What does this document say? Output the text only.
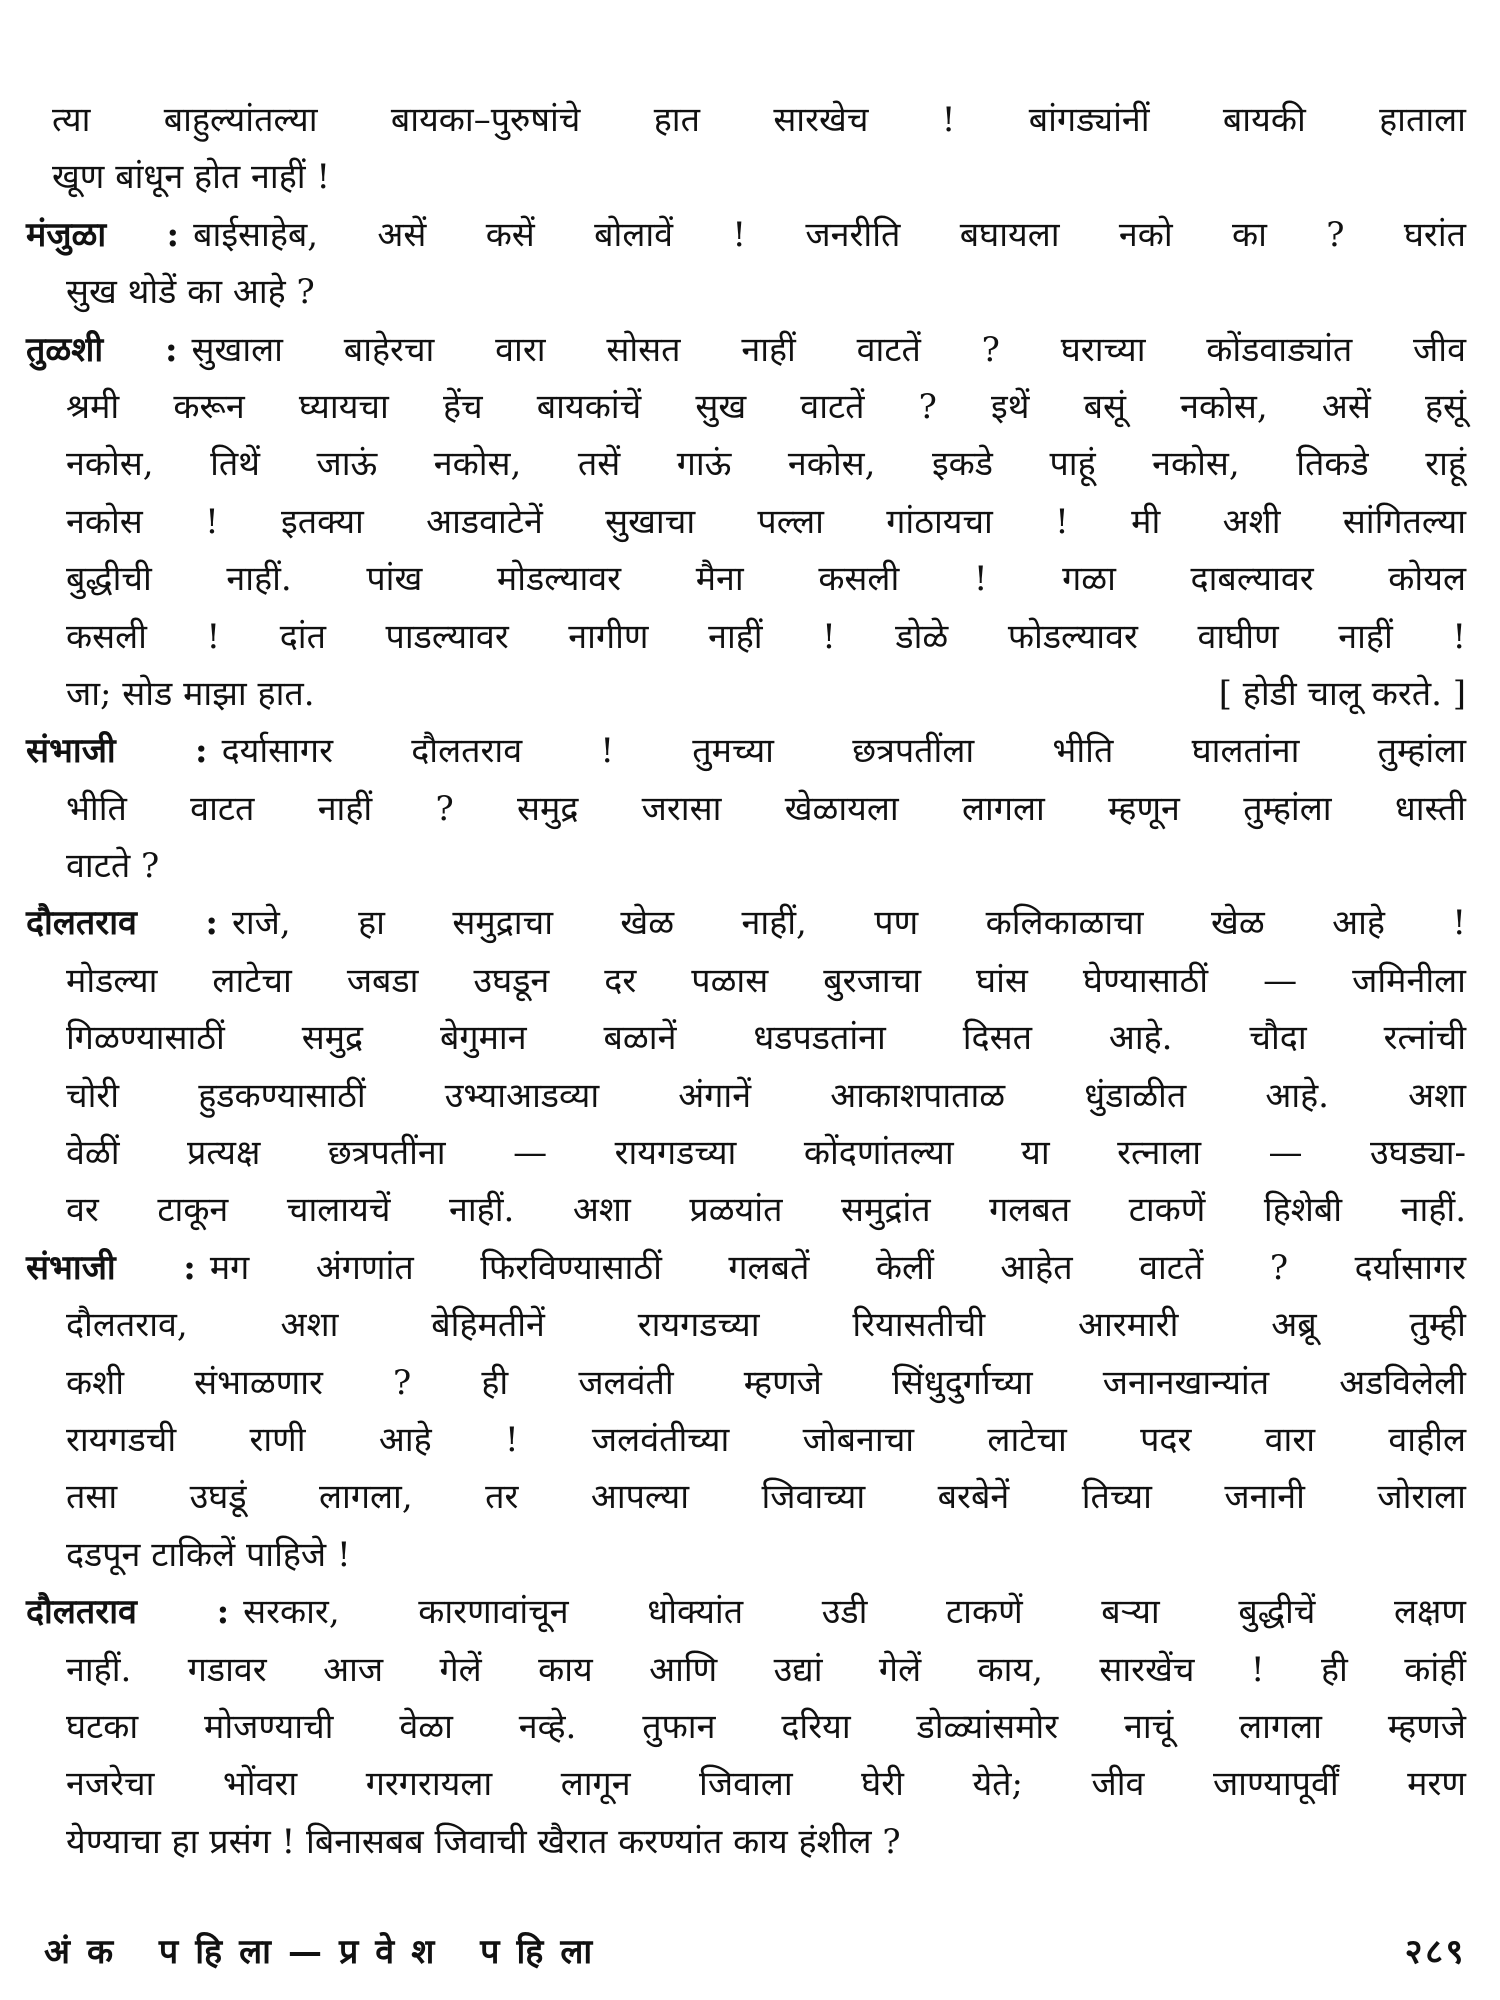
त्या बाहुल्यांतल्या बायका–पुरुषांचे हात सारखेच ! बांगड्यांनीं बायकी हाताला
खूण बांधून होत नाहीं !
मंजुळा : बाईसाहेब, असें कसें बोलावें ! जनरीति बघायला नको का ? घरांत
सुख थोडें का आहे ?
तुळशी : सुखाला बाहेरचा वारा सोसत नाहीं वाटतें ? घराच्या कोंडवाड्यांत जीव
श्रमी करून घ्यायचा हेंच बायकांचें सुख वाटतें ? इथें बसूं नकोस, असें हसूं
नकोस, तिथें जाऊं नकोस, तसें गाऊं नकोस, इकडे पाहूं नकोस, तिकडे राहूं
नकोस ! इतक्या आडवाटेनें सुखाचा पल्ला गांठायचा ! मी अशी सांगितल्या
बुद्धीची नाहीं. पांख मोडल्यावर मैना कसली ! गळा दाबल्यावर कोयल
कसली ! दांत पाडल्यावर नागीण नाहीं ! डोळे फोडल्यावर वाघीण नाहीं !
जा; सोड माझा हात.	[ होडी चालू करते. ]
संभाजी : दर्यासागर दौलतराव ! तुमच्या छत्रपतींला भीति घालतांना तुम्हांला
भीति वाटत नाहीं ? समुद्र जरासा खेळायला लागला म्हणून तुम्हांला धास्ती
वाटते ?
दौलतराव : राजे, हा समुद्राचा खेळ नाहीं, पण कलिकाळाचा खेळ आहे !
मोडल्या लाटेचा जबडा उघडून दर पळास बुरजाचा घांस घेण्यासाठीं — जमिनीला
गिळण्यासाठीं समुद्र बेगुमान बळानें धडपडतांना दिसत आहे. चौदा रत्नांची
चोरी हुडकण्यासाठीं उभ्याआडव्या अंगानें आकाशपाताळ धुंडाळीत आहे. अशा
वेळीं प्रत्यक्ष छत्रपतींना — रायगडच्या कोंदणांतल्या या रत्नाला — उघड्या-
वर टाकून चालायचें नाहीं. अशा प्रळयांत समुद्रांत गलबत टाकणें हिशेबी नाहीं.
संभाजी : मग अंगणांत फिरविण्यासाठीं गलबतें केलीं आहेत वाटतें ? दर्यासागर
दौलतराव, अशा बेहिमतीनें रायगडच्या रियासतीची आरमारी अब्रू तुम्ही
कशी संभाळणार ? ही जलवंती म्हणजे सिंधुदुर्गाच्या जनानखान्यांत अडविलेली
रायगडची राणी आहे ! जलवंतीच्या जोबनाचा लाटेचा पदर वारा वाहील
तसा उघडूं लागला, तर आपल्या जिवाच्या बरबेनें तिच्या जनानी जोराला
दडपून टाकिलें पाहिजे !
दौलतराव : सरकार, कारणावांचून धोक्यांत उडी टाकणें बऱ्या बुद्धीचें लक्षण
नाहीं. गडावर आज गेलें काय आणि उद्यां गेलें काय, सारखेंच ! ही कांहीं
घटका मोजण्याची वेळा नव्हे. तुफान दरिया डोळ्यांसमोर नाचूं लागला म्हणजे
नजरेचा भोंवरा गरगरायला लागून जिवाला घेरी येते; जीव जाण्यापूर्वीं मरण
येण्याचा हा प्रसंग ! बिनासबब जिवाची खैरात करण्यांत काय हंशील ?
अंक पहिला—प्रवेश पहिला	२८९
